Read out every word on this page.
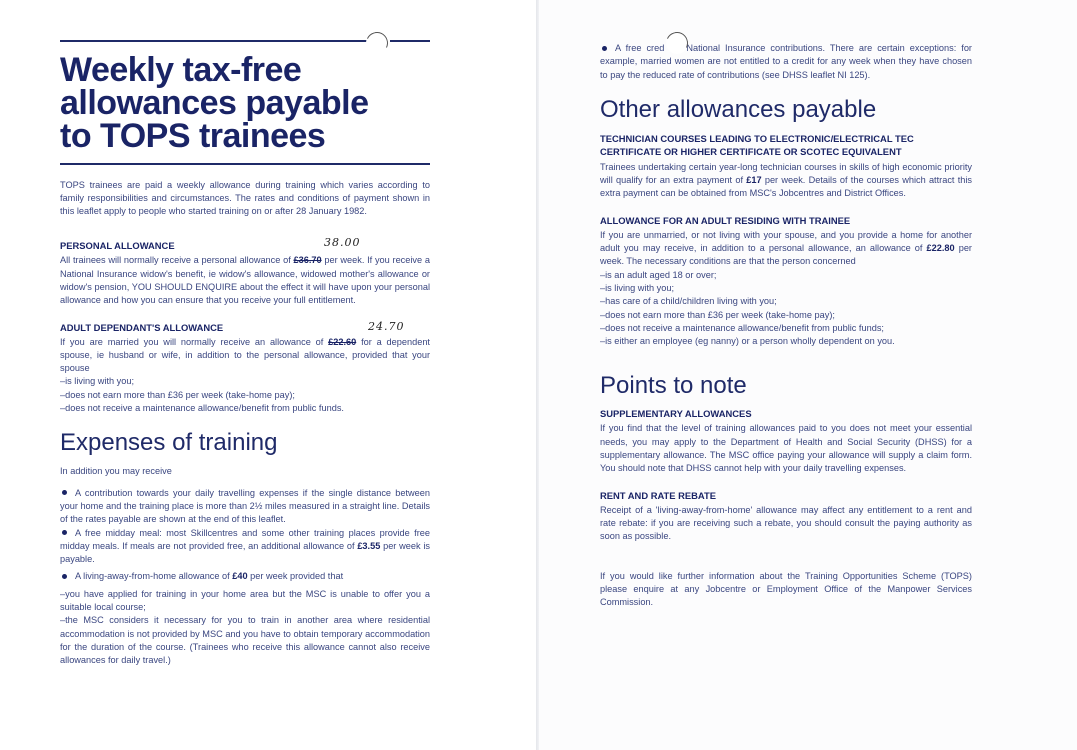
Weekly tax-free
allowances payable
to TOPS trainees

TOPS trainees are paid a weekly allowance during training which varies according to family responsibilities and circumstances. The rates and conditions of payment shown in this leaflet apply to people who started training on or after 28 January 1982.

PERSONAL ALLOWANCE	38.00

All trainees will normally receive a personal allowance of £36.70 per week. If you receive a National Insurance widow's benefit, ie widow's allowance, widowed mother's allowance or widow's pension, YOU SHOULD ENQUIRE about the effect it will have upon your personal allowance and how you can ensure that you receive your full entitlement.

ADULT DEPENDANT'S ALLOWANCE	24.70

If you are married you will normally receive an allowance of £22.60 for a dependent spouse, ie husband or wife, in addition to the personal allowance, provided that your spouse

–is living with you;

–does not earn more than £36 per week (take-home pay);

–does not receive a maintenance allowance/benefit from public funds.

Expenses of training

In addition you may receive

A contribution towards your daily travelling expenses if the single distance between your home and the training place is more than 2½ miles measured in a straight line. Details of the rates payable are shown at the end of this leaflet.

A free midday meal: most Skillcentres and some other training places provide free midday meals. If meals are not provided free, an additional allowance of £3.55 per week is payable.

A living-away-from-home allowance of £40 per week provided that

–you have applied for training in your home area but the MSC is unable to offer you a suitable local course;

–the MSC considers it necessary for you to train in another area where residential accommodation is not provided by MSC and you have to obtain temporary accommodation for the duration of the course. (Trainees who receive this allowance cannot also receive allowances for daily travel.)

A free cred National Insurance contributions. There are certain exceptions: for example, married women are not entitled to a credit for any week when they have chosen to pay the reduced rate of contributions (see DHSS leaflet NI 125).

Other allowances payable

TECHNICIAN COURSES LEADING TO ELECTRONIC/ELECTRICAL TEC CERTIFICATE OR HIGHER CERTIFICATE OR SCOTEC EQUIVALENT

Trainees undertaking certain year-long technician courses in skills of high economic priority will qualify for an extra payment of £17 per week. Details of the courses which attract this extra payment can be obtained from MSC's Jobcentres and District Offices.

ALLOWANCE FOR AN ADULT RESIDING WITH TRAINEE

If you are unmarried, or not living with your spouse, and you provide a home for another adult you may receive, in addition to a personal allowance, an allowance of £22.80 per week. The necessary conditions are that the person concerned

–is an adult aged 18 or over;

–is living with you;

–has care of a child/children living with you;

–does not earn more than £36 per week (take-home pay);

–does not receive a maintenance allowance/benefit from public funds;

–is either an employee (eg nanny) or a person wholly dependent on you.

Points to note

SUPPLEMENTARY ALLOWANCES

If you find that the level of training allowances paid to you does not meet your essential needs, you may apply to the Department of Health and Social Security (DHSS) for a supplementary allowance. The MSC office paying your allowance will supply a claim form. You should note that DHSS cannot help with your daily travelling expenses.

RENT AND RATE REBATE

Receipt of a 'living-away-from-home' allowance may affect any entitlement to a rent and rate rebate: if you are receiving such a rebate, you should consult the paying authority as soon as possible.

If you would like further information about the Training Opportunities Scheme (TOPS) please enquire at any Jobcentre or Employment Office of the Manpower Services Commission.
